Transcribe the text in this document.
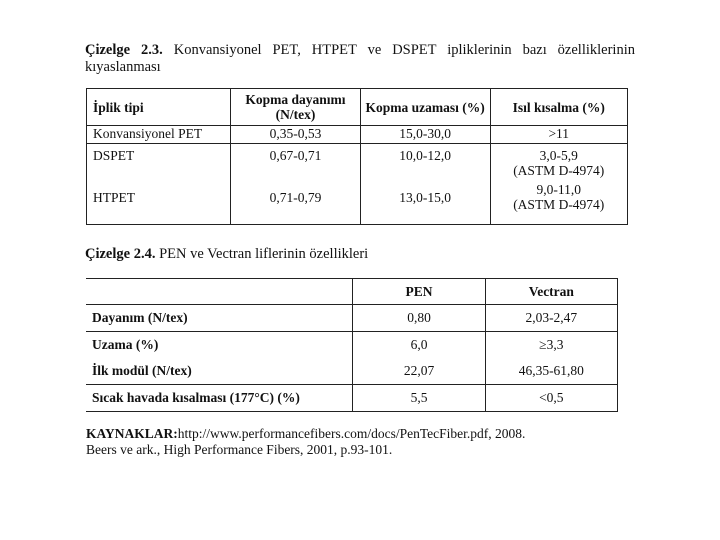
Çizelge 2.3. Konvansiyonel PET, HTPET ve DSPET ipliklerinin bazı özelliklerinin kıyaslanması
İplik tipi	Kopma dayanımı (N/tex)	Kopma uzaması (%)	Isıl kısalma (%)
Konvansiyonel PET	0,35-0,53	15,0-30,0	>11
DSPET	0,67-0,71	10,0-12,0	3,0-5,9
(ASTM D-4974)

HTPET	0,71-0,79	13,0-15,0	9,0-11,0
(ASTM D-4974)
Çizelge 2.4. PEN ve Vectran liflerinin özellikleri
	PEN	Vectran
Dayanım (N/tex)	0,80	2,03-2,47
Uzama (%)	6,0	≥3,3
İlk modül (N/tex)	22,07	46,35-61,80
Sıcak havada kısalması (177°C) (%)	5,5	<0,5
KAYNAKLAR:http://www.performancefibers.com/docs/PenTecFiber.pdf, 2008.
Beers ve ark., High Performance Fibers, 2001, p.93-101.
